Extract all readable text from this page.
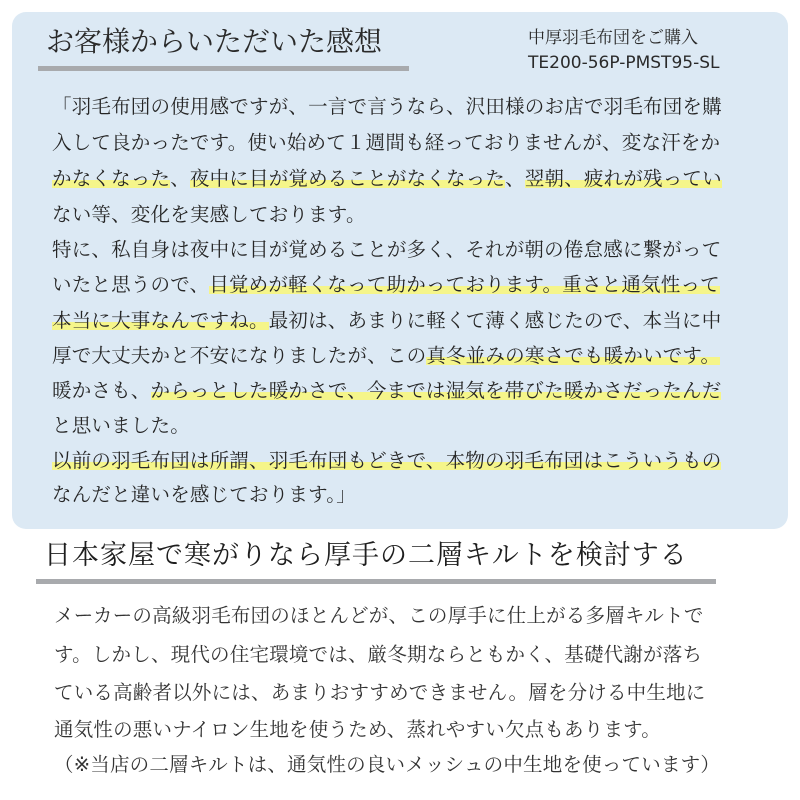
お客様からいただいた感想	中厚羽毛布団をご購入
TE200-56P-PMST95-SL

「羽毛布団の使用感ですが、一言で言うなら、沢田様のお店で羽毛布団を購

入して良かったです。使い始めて１週間も経っておりませんが、変な汗をか

かなくなった、夜中に目が覚めることがなくなった、翌朝、疲れが残ってい

ない等、変化を実感しております。

特に、私自身は夜中に目が覚めることが多く、それが朝の倦怠感に繋がって

いたと思うので、目覚めが軽くなって助かっております。重さと通気性って

本当に大事なんですね。最初は、あまりに軽くて薄く感じたので、本当に中

厚で大丈夫かと不安になりましたが、この真冬並みの寒さでも暖かいです。

暖かさも、からっとした暖かさで、今までは湿気を帯びた暖かさだったんだ

と思いました。

以前の羽毛布団は所謂、羽毛布団もどきで、本物の羽毛布団はこういうもの

なんだと違いを感じております。」

日本家屋で寒がりなら厚手の二層キルトを検討する

メーカーの高級羽毛布団のほとんどが、この厚手に仕上がる多層キルトで

す。しかし、現代の住宅環境では、厳冬期ならともかく、基礎代謝が落ち

ている高齢者以外には、あまりおすすめできません。層を分ける中生地に

通気性の悪いナイロン生地を使うため、蒸れやすい欠点もあります。

（※当店の二層キルトは、通気性の良いメッシュの中生地を使っています）
